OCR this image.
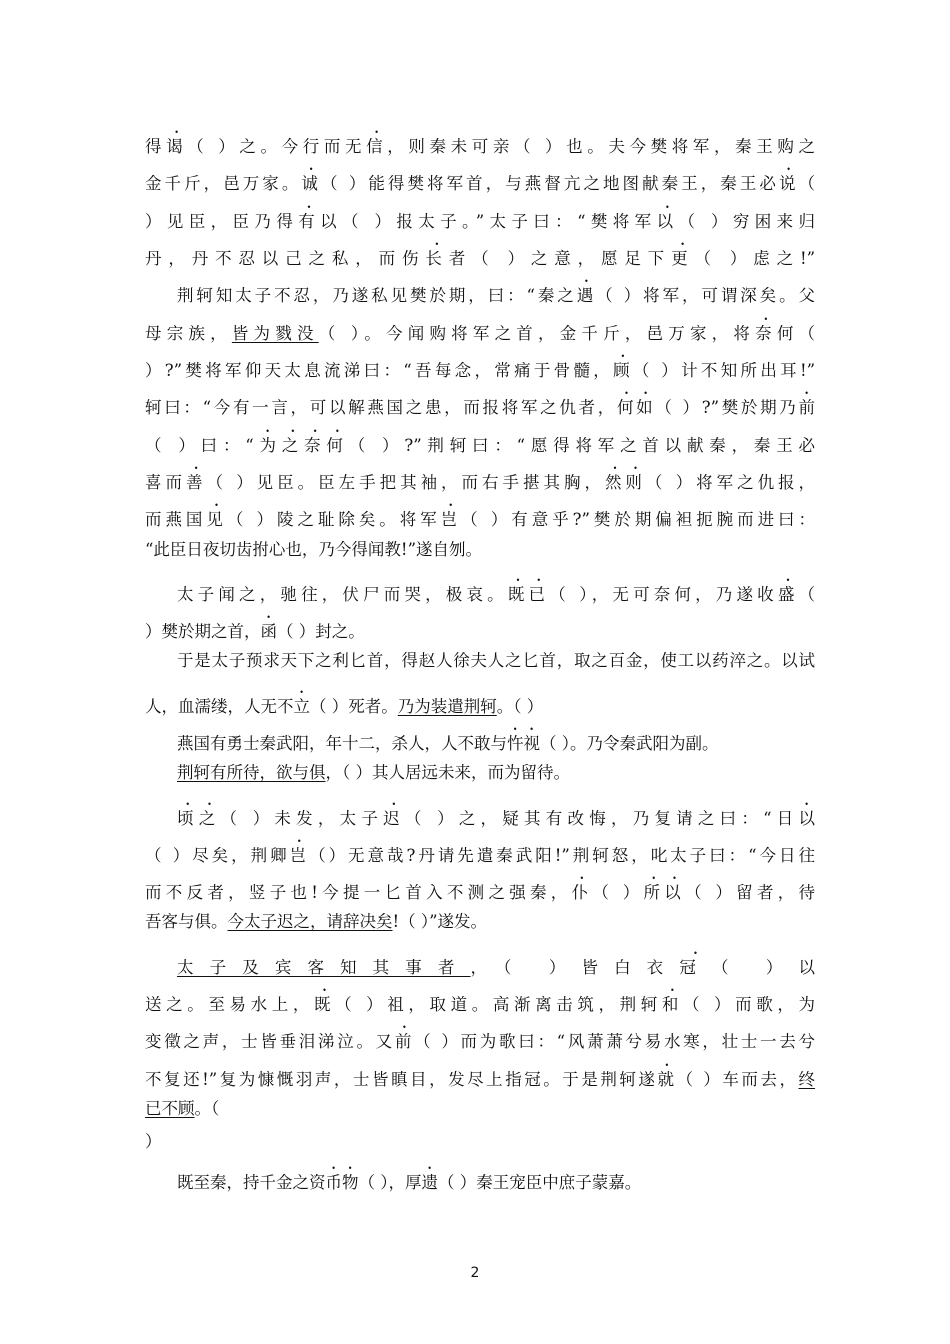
得谒（ ）之。今行而无信，则秦未可亲（ ）也。夫今樊将军，秦王购之
金千斤，邑万家。诚（ ）能得樊将军首，与燕督亢之地图献秦王，秦王必说（
）见臣，臣乃得有以（ ）报太子。”太子曰：“樊将军以（ ）穷困来归
丹，丹不忍以己之私，而伤长者（ ）之意，愿足下更（ ）虑之!”
荆轲知太子不忍，乃遂私见樊於期，曰：“秦之遇（ ）将军，可谓深矣。父
母宗族，皆为戮没（ ）。今闻购将军之首，金千斤，邑万家，将奈何（
）?”樊将军仰天太息流涕曰：“吾每念，常痛于骨髓，顾（ ）计不知所出耳!”
轲曰：“今有一言，可以解燕国之患，而报将军之仇者，何如（ ）?”樊於期乃前
（ ）曰：“为之奈何（ ）?”荆轲曰：“愿得将军之首以献秦，秦王必
喜而善（ ）见臣。臣左手把其袖，而右手揕其胸，然则（ ）将军之仇报，
而燕国见（ ）陵之耻除矣。将军岂（ ）有意乎?”樊於期偏袒扼腕而进曰：
“此臣日夜切齿拊心也，乃今得闻教!”遂自刎。
太子闻之，驰往，伏尸而哭，极哀。既已（ ），无可奈何，乃遂收盛（
）樊於期之首，函（ ）封之。
于是太子预求天下之利匕首，得赵人徐夫人之匕首，取之百金，使工以药淬之。以试
人，血濡缕，人无不立（ ）死者。乃为装遣荆轲。（ ）
燕国有勇士秦武阳，年十二，杀人，人不敢与忤视（ ）。乃令秦武阳为副。
荆轲有所待，欲与俱，（ ）其人居远未来，而为留待。
顷之（ ）未发，太子迟（ ）之，疑其有改悔，乃复请之曰：“日以
（ ）尽矣，荆卿岂（）无意哉?丹请先遣秦武阳!”荆轲怒，叱太子曰：“今日往
而不反者，竖子也!今提一匕首入不测之强秦，仆（ ）所以（ ）留者，待
吾客与俱。今太子迟之，请辞决矣!（ ）”遂发。
太子及宾客知其事者，（ ）皆白衣冠（ ）以
送之。至易水上，既（ ）祖，取道。高渐离击筑，荆轲和（ ）而歌，为
变徵之声，士皆垂泪涕泣。又前（ ）而为歌曰：“风萧萧兮易水寒，壮士一去兮
不复还!”复为慷慨羽声，士皆瞋目，发尽上指冠。于是荆轲遂就（ ）车而去，终
已不顾。（
）
既至秦，持千金之资币物（ ），厚遗（ ）秦王宠臣中庶子蒙嘉。
2
